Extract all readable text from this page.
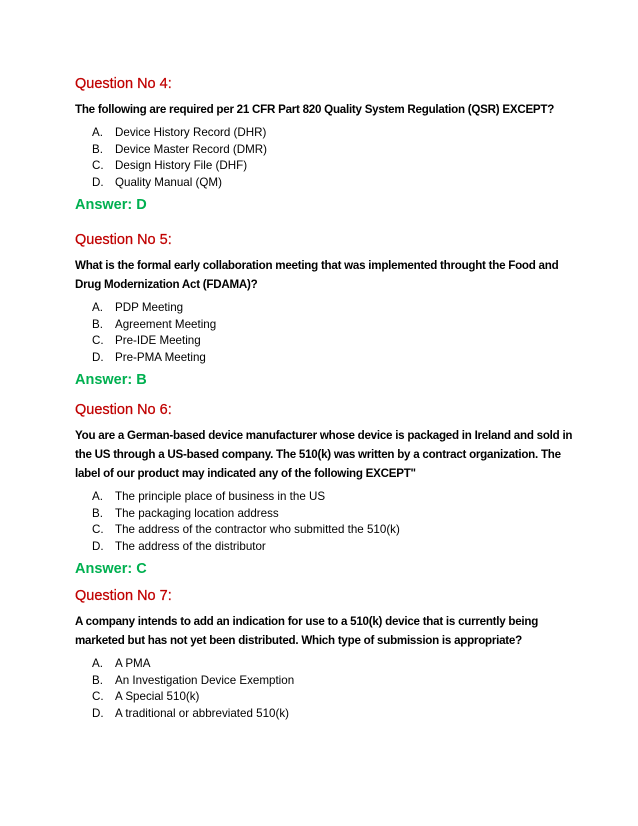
Question No 4:

The following are required per 21 CFR Part 820 Quality System Regulation (QSR) EXCEPT?

A.	Device History Record (DHR)
B.	Device Master Record (DMR)
C. Design History File (DHF)
D. Quality Manual (QM)

Answer: D

Question No 5:

What is the formal early collaboration meeting that was implemented throught the Food and

Drug Modernization Act (FDAMA)?

A.	PDP Meeting
B.	Agreement Meeting
C. Pre-IDE Meeting
D. Pre-PMA Meeting

Answer: B

Question No 6:

You are a German-based device manufacturer whose device is packaged in Ireland and sold in

the US through a US-based company. The 510(k) was written by a contract organization. The

label of our product may indicated any of the following EXCEPT"

A.	The principle place of business in the US
B.	The packaging location address
C. The address of the contractor who submitted the 510(k)
D. The address of the distributor

Answer: C

Question No 7:

A company intends to add an indication for use to a 510(k) device that is currently being

marketed but has not yet been distributed. Which type of submission is appropriate?

A.	A PMA
B.	An Investigation Device Exemption
C. A Special 510(k)
D. A traditional or abbreviated 510(k)
